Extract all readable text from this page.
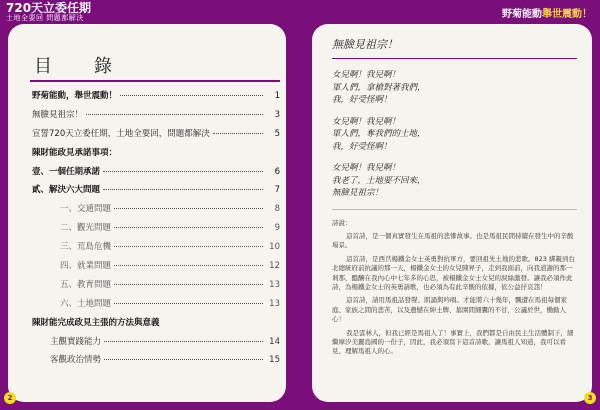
720天立委任期
土地全要回 問題都解決	野菊能動舉世震動！
目　錄
野菊能動，舉世震動！	1
無臉見祖宗！	3
宣誓720天立委任期，土地全要回，問題都解決	5
陳財能政見承諾事項：
壹、一個任期承諾	6
貳、解決六大問題	7
一、交通問題	8
二、觀光問題	9
三、荒島危機	10
四、就業問題	12
五、教育問題	13
六、土地問題	13
陳財能完成政見主張的方法與意義
主觀實踐能力	14
客觀政治情勢	15
2
無臉見祖宗！
女兒啊！我兒啊！
軍人們，拿槍對著我們，
我，好受怪啊！
女兒啊！我兒啊！
軍人們，奪我們的土地，
我，好受怪啊！
女兒啊！我兒啊！
我老了，土地要不回來，
無臉見祖宗！

詩說：

這首詩，是一個真實發生在馬祖的悲慘故事。也是馬祖民間持續在發生中的辛酸場景。

這首詩，是西莒楊鐵金女士英勇對抗軍方，要回祖先土地的悲歌。823 綁親到台北總統府前抗議的那一天，楊鐵金女士的女兒陳昇子，走到我面前，向我道謝的那一剎那，醞醸在我內心中七年多的心思，被楊鐵金女士女兒的淚絲激發。讓我必須作此詩，為楊鐵金女士的英勇請歌，也必須為有此辛酸的依據，依公益抒哀怨！

這首詩，請用馬祖話發聲、朗誦與吟唱。才能將六十幾年，飄遭在馬祖每個家庭、家族之間的悲苦，以及遺憾在紳士牌、墓園間細囊的不甘，公議於世，慟動人心！

我是雲林人，但我已經是馬祖人了！事實上，我們都是自由民主生活體制下，細繼摩汐美麗島國的一份子，因此，我必須寫下這首詩歌，讓馬祖人知道，我可以看見、理解馬祖人的心。

3
